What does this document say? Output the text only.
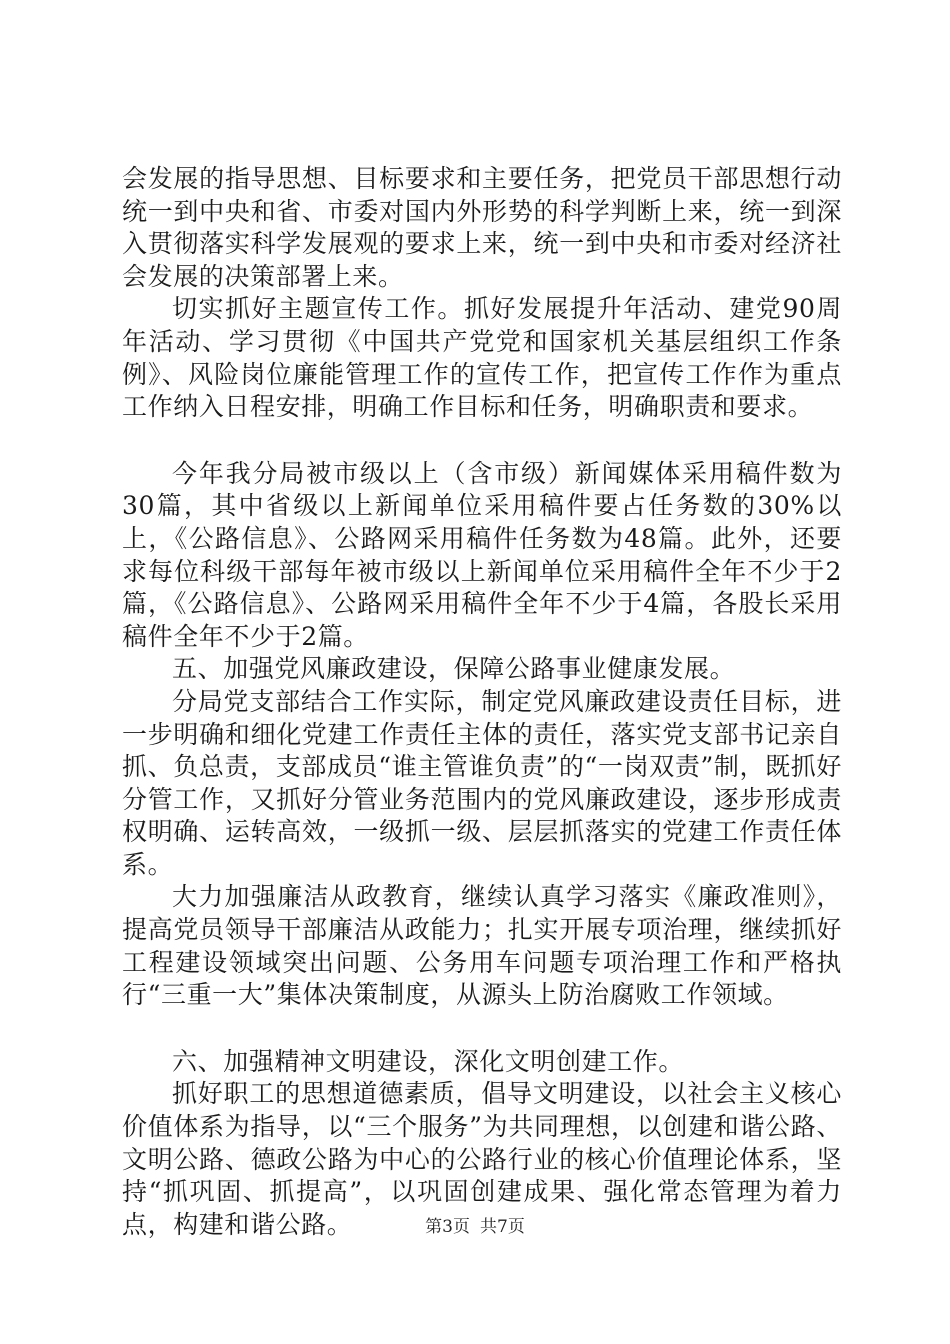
会发展的指导思想、目标要求和主要任务，把党员干部思想行动统一到中央和省、市委对国内外形势的科学判断上来，统一到深入贯彻落实科学发展观的要求上来，统一到中央和市委对经济社会发展的决策部署上来。

切实抓好主题宣传工作。抓好发展提升年活动、建党90周年活动、学习贯彻《中国共产党党和国家机关基层组织工作条例》、风险岗位廉能管理工作的宣传工作，把宣传工作作为重点工作纳入日程安排，明确工作目标和任务，明确职责和要求。

今年我分局被市级以上（含市级）新闻媒体采用稿件数为30篇，其中省级以上新闻单位采用稿件要占任务数的30%以上，《公路信息》、公路网采用稿件任务数为48篇。此外，还要求每位科级干部每年被市级以上新闻单位采用稿件全年不少于2篇，《公路信息》、公路网采用稿件全年不少于4篇，各股长采用稿件全年不少于2篇。

五、加强党风廉政建设，保障公路事业健康发展。

分局党支部结合工作实际，制定党风廉政建设责任目标，进一步明确和细化党建工作责任主体的责任，落实党支部书记亲自抓、负总责，支部成员“谁主管谁负责”的“一岗双责”制，既抓好分管工作，又抓好分管业务范围内的党风廉政建设，逐步形成责权明确、运转高效，一级抓一级、层层抓落实的党建工作责任体系。

大力加强廉洁从政教育，继续认真学习落实《廉政准则》，提高党员领导干部廉洁从政能力；扎实开展专项治理，继续抓好工程建设领域突出问题、公务用车问题专项治理工作和严格执行“三重一大”集体决策制度，从源头上防治腐败工作领域。

六、加强精神文明建设，深化文明创建工作。

抓好职工的思想道德素质，倡导文明建设，以社会主义核心价值体系为指导，以“三个服务”为共同理想，以创建和谐公路、文明公路、德政公路为中心的公路行业的核心价值理论体系，坚持“抓巩固、抓提高”，以巩固创建成果、强化常态管理为着力点，构建和谐公路。	第3页 共7页
